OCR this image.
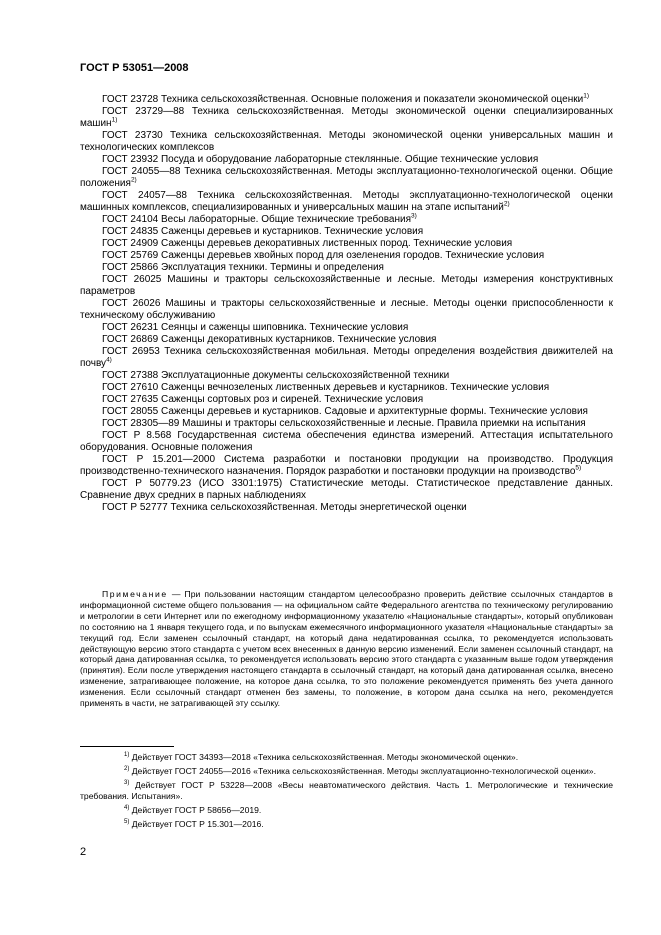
ГОСТ Р 53051—2008

ГОСТ 23728 Техника сельскохозяйственная. Основные положения и показатели экономической оценки$^{1)}$

ГОСТ 23729—88 Техника сельскохозяйственная. Методы экономической оценки специализированных машин$^{1)}$

ГОСТ 23730 Техника сельскохозяйственная. Методы экономической оценки универсальных машин и технологических комплексов

ГОСТ 23932 Посуда и оборудование лабораторные стеклянные. Общие технические условия

ГОСТ 24055—88 Техника сельскохозяйственная. Методы эксплуатационно-технологической оценки. Общие положения$^{2)}$

ГОСТ 24057—88 Техника сельскохозяйственная. Методы эксплуатационно-технологической оценки машинных комплексов, специализированных и универсальных машин на этапе испытаний$^{2)}$

ГОСТ 24104 Весы лабораторные. Общие технические требования$^{3)}$

ГОСТ 24835 Саженцы деревьев и кустарников. Технические условия

ГОСТ 24909 Саженцы деревьев декоративных лиственных пород. Технические условия

ГОСТ 25769 Саженцы деревьев хвойных пород для озеленения городов. Технические условия

ГОСТ 25866 Эксплуатация техники. Термины и определения

ГОСТ 26025 Машины и тракторы сельскохозяйственные и лесные. Методы измерения конструктивных параметров

ГОСТ 26026 Машины и тракторы сельскохозяйственные и лесные. Методы оценки приспособленности к техническому обслуживанию

ГОСТ 26231 Сеянцы и саженцы шиповника. Технические условия

ГОСТ 26869 Саженцы декоративных кустарников. Технические условия

ГОСТ 26953 Техника сельскохозяйственная мобильная. Методы определения воздействия движителей на почву$^{4)}$

ГОСТ 27388 Эксплуатационные документы сельскохозяйственной техники

ГОСТ 27610 Саженцы вечнозеленых лиственных деревьев и кустарников. Технические условия

ГОСТ 27635 Саженцы сортовых роз и сиреней. Технические условия

ГОСТ 28055 Саженцы деревьев и кустарников. Садовые и архитектурные формы. Технические условия

ГОСТ 28305—89 Машины и тракторы сельскохозяйственные и лесные. Правила приемки на испытания

ГОСТ Р 8.568 Государственная система обеспечения единства измерений. Аттестация испытательного оборудования. Основные положения

ГОСТ Р 15.201—2000 Система разработки и постановки продукции на производство. Продукция производственно-технического назначения. Порядок разработки и постановки продукции на производство$^{5)}$

ГОСТ Р 50779.23 (ИСО 3301:1975) Статистические методы. Статистическое представление данных. Сравнение двух средних в парных наблюдениях

ГОСТ Р 52777 Техника сельскохозяйственная. Методы энергетической оценки

Примечание — При пользовании настоящим стандартом целесообразно проверить действие ссылочных стандартов в информационной системе общего пользования — на официальном сайте Федерального агентства по техническому регулированию и метрологии в сети Интернет или по ежегодному информационному указателю «Национальные стандарты», который опубликован по состоянию на 1 января текущего года, и по выпускам ежемесячного информационного указателя «Национальные стандарты» за текущий год. Если заменен ссылочный стандарт, на который дана недатированная ссылка, то рекомендуется использовать действующую версию этого стандарта с учетом всех внесенных в данную версию изменений. Если заменен ссылочный стандарт, на который дана датированная ссылка, то рекомендуется использовать версию этого стандарта с указанным выше годом утверждения (принятия). Если после утверждения настоящего стандарта в ссылочный стандарт, на который дана датированная ссылка, внесено изменение, затрагивающее положение, на которое дана ссылка, то это положение рекомендуется применять без учета данного изменения. Если ссылочный стандарт отменен без замены, то положение, в котором дана ссылка на него, рекомендуется применять в части, не затрагивающей эту ссылку.

$^{1)}$ Действует ГОСТ 34393—2018 «Техника сельскохозяйственная. Методы экономической оценки».

$^{2)}$ Действует ГОСТ 24055—2016 «Техника сельскохозяйственная. Методы эксплуатационно-технологической оценки».

$^{3)}$ Действует ГОСТ Р 53228—2008 «Весы неавтоматического действия. Часть 1. Метрологические и технические требования. Испытания».

$^{4)}$ Действует ГОСТ Р 58656—2019.

$^{5)}$ Действует ГОСТ Р 15.301—2016.

2
